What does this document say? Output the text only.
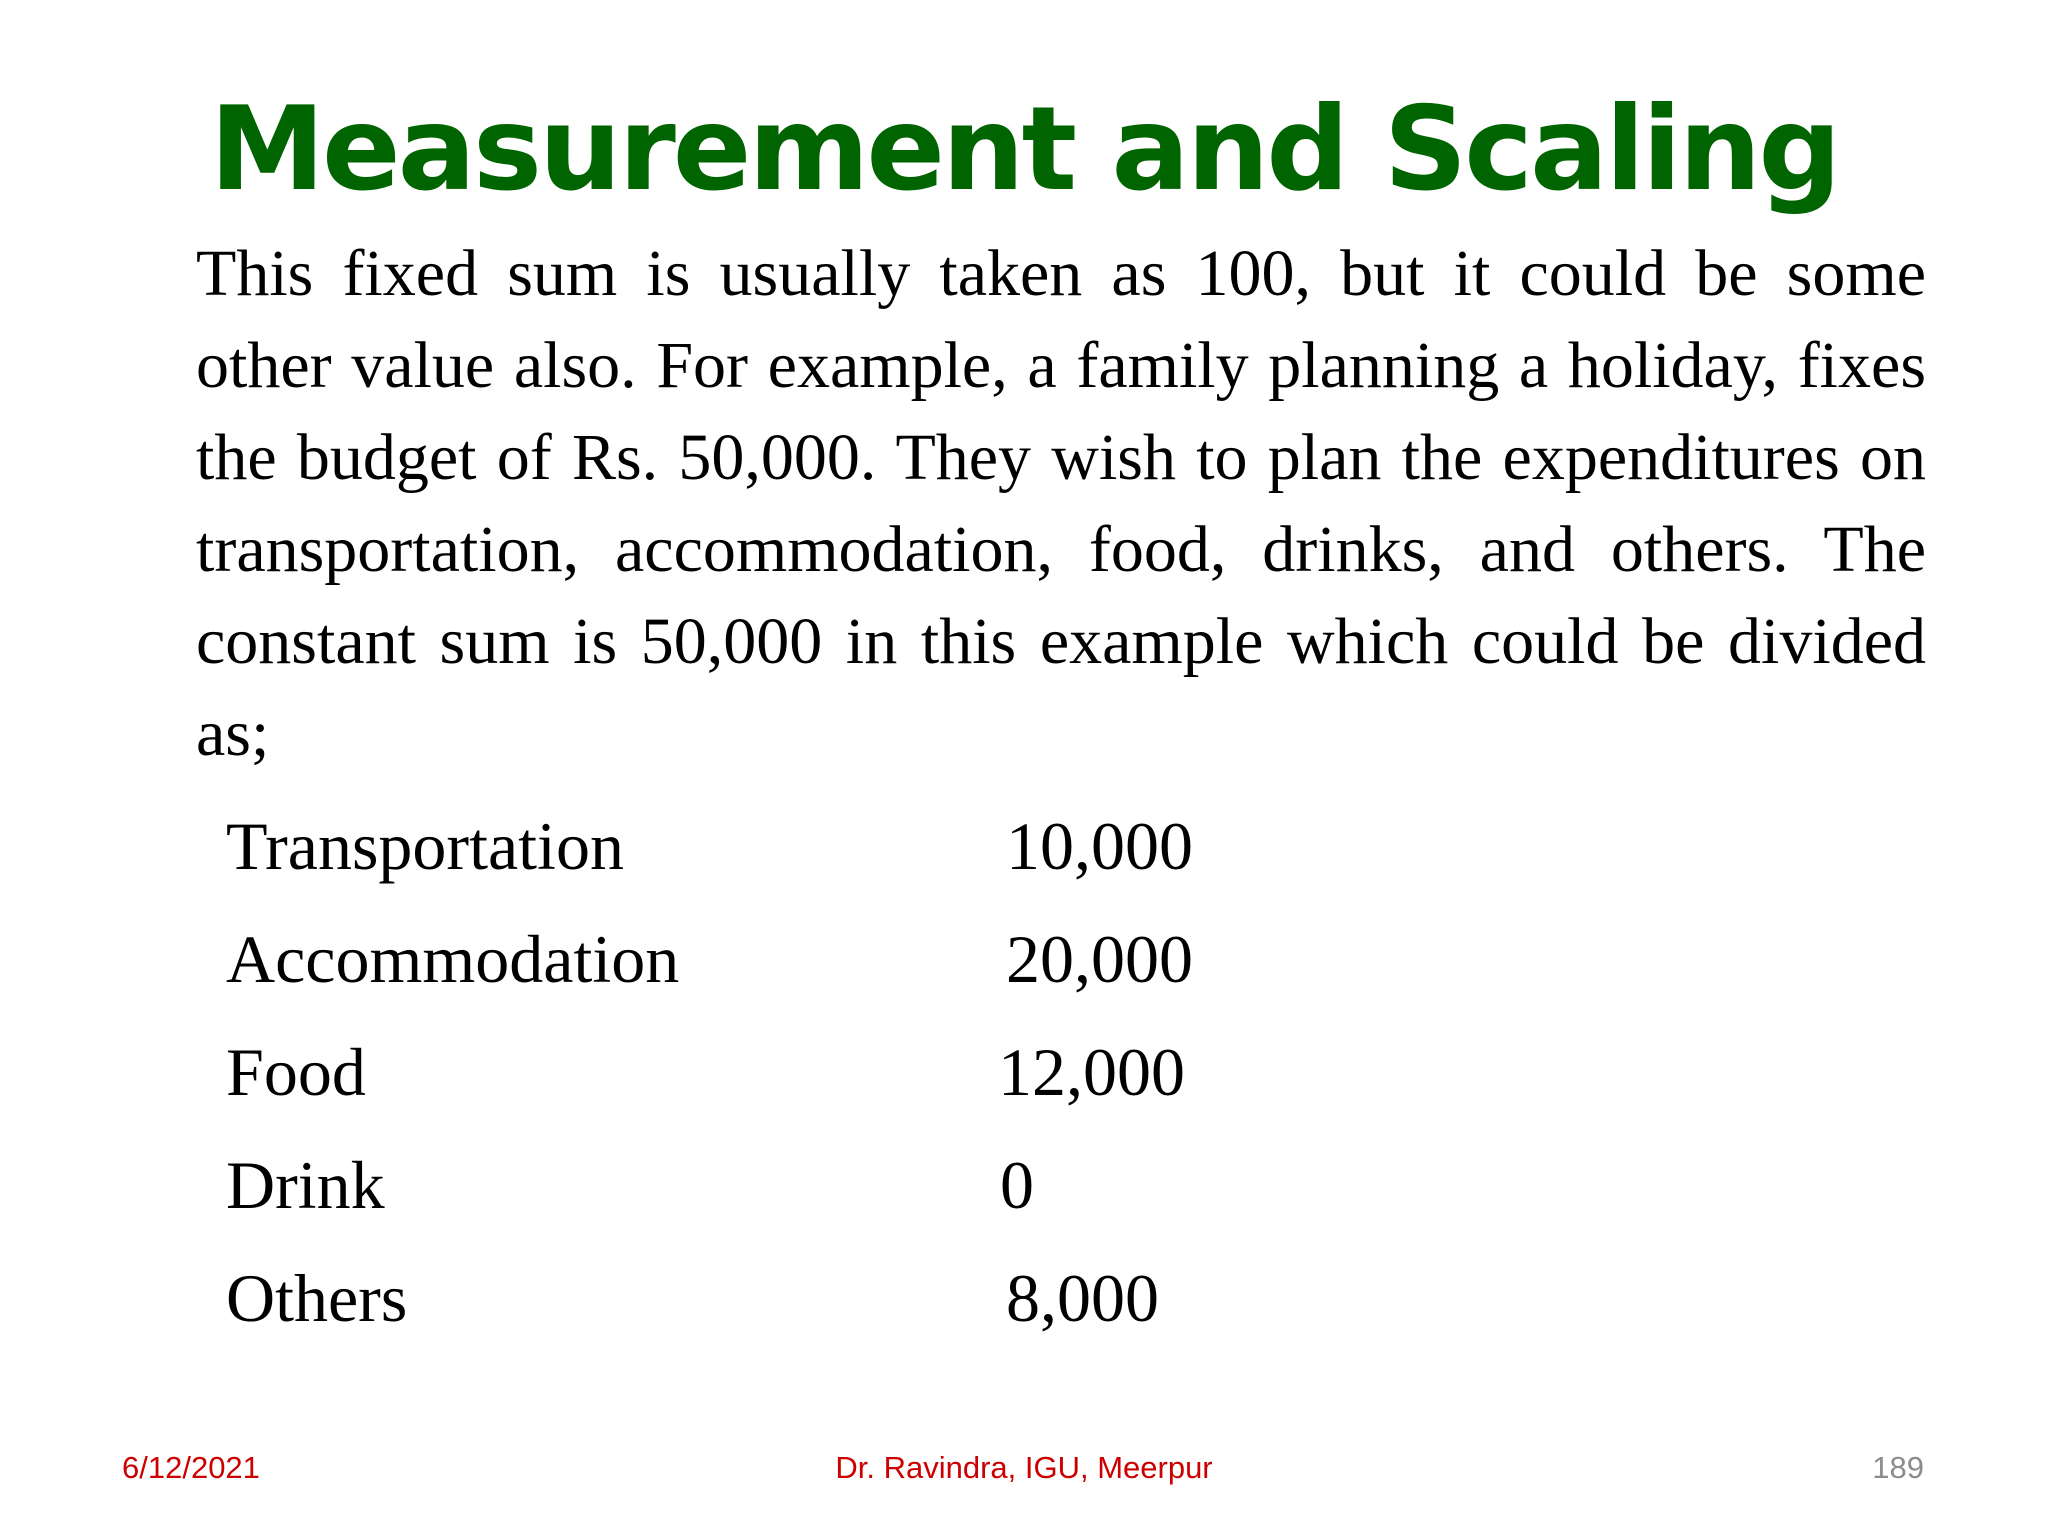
Measurement and Scaling

This fixed sum is usually taken as 100, but it could be some other value also. For example, a family planning a holiday, fixes the budget of Rs. 50,000. They wish to plan the expenditures on transportation, accommodation, food, drinks, and others. The constant sum is 50,000 in this example which could be divided as;

Transportation	10,000
Accommodation	20,000
Food	12,000
Drink	0
Others	8,000
6/12/2021	Dr. Ravindra, IGU, Meerpur	189
